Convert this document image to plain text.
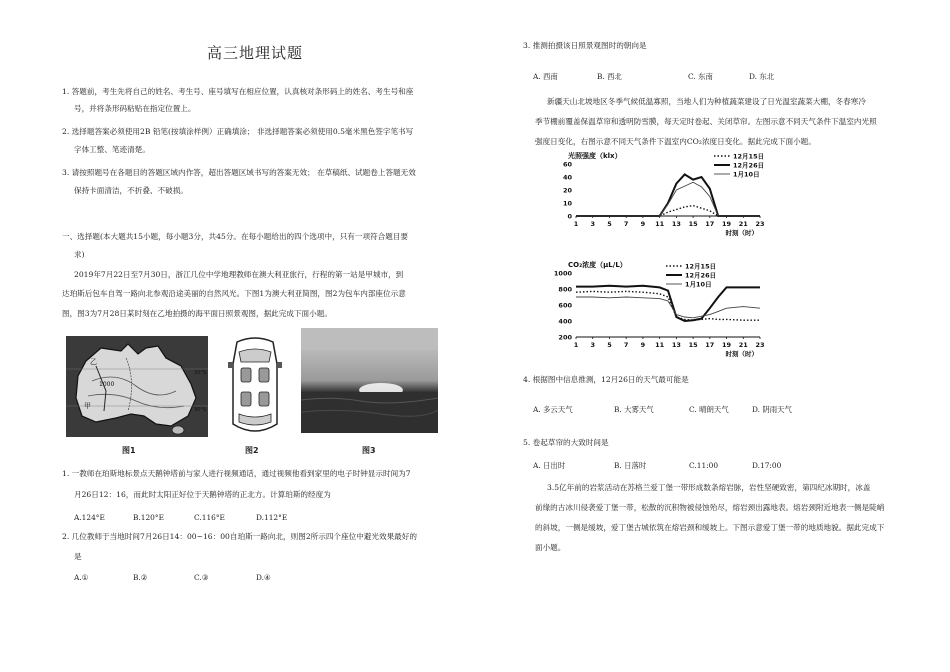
高三地理试题
1. 答题前，考生先将自己的姓名、考生号、座号填写在相应位置，认真核对条形码上的姓名、考生号和座
号，并将条形码粘贴在指定位置上。
2. 选择题答案必须使用2B 铅笔(按填涂样例）正确填涂； 非选择题答案必须使用0.5毫米黑色签字笔书写
字体工整、笔迹清楚。
3. 请按照题号在各题目的答题区域内作答，超出答题区域书写的答案无效； 在草稿纸、试题卷上答题无效
保持卡面清洁，不折叠、不破损。
一、选择题(本大题共15小题，每小题3分，共45分。在每小题给出的四个选项中，只有一项符合题目要
求)
2019年7月22日至7月30日，浙江几位中学地理教师在澳大利亚旅行，行程的第一站是甲城市，到
达珀斯后包车自驾一路向北参观沿途美丽的自然风光。下图1为澳大利亚简图，图2为包车内部座位示意
图，图3为7月28日某时刻在乙地拍摄的海平面日照景观图，据此完成下面小题。
1000
20°S
30°S
甲
乙
图1	图2	图3
1. 一教师在珀斯地标景点天鹅钟塔前与家人进行视频通话，通过视频他看到家里的电子时钟显示时间为7
月26日12：16，而此时太阳正好位于天鹅钟塔的正北方。计算珀斯的经度为
A.124°E	B.120°E	C.116°E	D.112°E
2. 几位教师于当地时间7月26日14：00~16：00自珀斯一路向北，则图2所示四个座位中避光效果最好的
是
A.①	B.②	C.③	D.④
3. 推测拍摄该日照景观图时的朝向是
A. 西南	B. 西北	C. 东南	D. 东北
新疆天山北坡地区冬季气候低温寡照，当地人们为种植蔬菜建设了日光温室蔬菜大棚，冬春寒冷
季节棚前覆盖保温草帘和透明防雪膜，每天定时卷起、关闭草帘。左图示意不同天气条件下温室内光照
强度日变化，右图示意不同天气条件下温室内CO₂浓度日变化。据此完成下面小题。
光照强度（klx）
0
10
20
40
60
1 3 5 7 9 11 13 15 17 19 21 23
时刻（时）
12月15日
12月26日
1月10日
CO₂浓度（μL/L）
200
400
600
800
1000
1 3 5 7 9 11 13 15 17 19 21 23
时刻（时）
12月15日
12月26日
1月10日
4. 根据图中信息推测，12月26日的天气最可能是
A. 多云天气	B. 大雾天气	C. 晴朗天气	D. 阴雨天气
5. 卷起草帘的大致时间是
A. 日出时	B. 日落时	C.11:00	D.17:00
3.5亿年前的岩浆活动在苏格兰爱丁堡一带形成数条熔岩脉，岩性坚硬致密，第四纪冰期时，冰盖
前缘的古冰川侵袭爱丁堡一带，松散的沉积物被侵蚀殆尽，熔岩颈出露地表。熔岩颈附近地表一侧是陡峭
的斜坡，一侧是缓坡，爱丁堡古城依筑在熔岩颈和缓坡上。下图示意爱丁堡一带的地质地貌。据此完成下
面小题。
